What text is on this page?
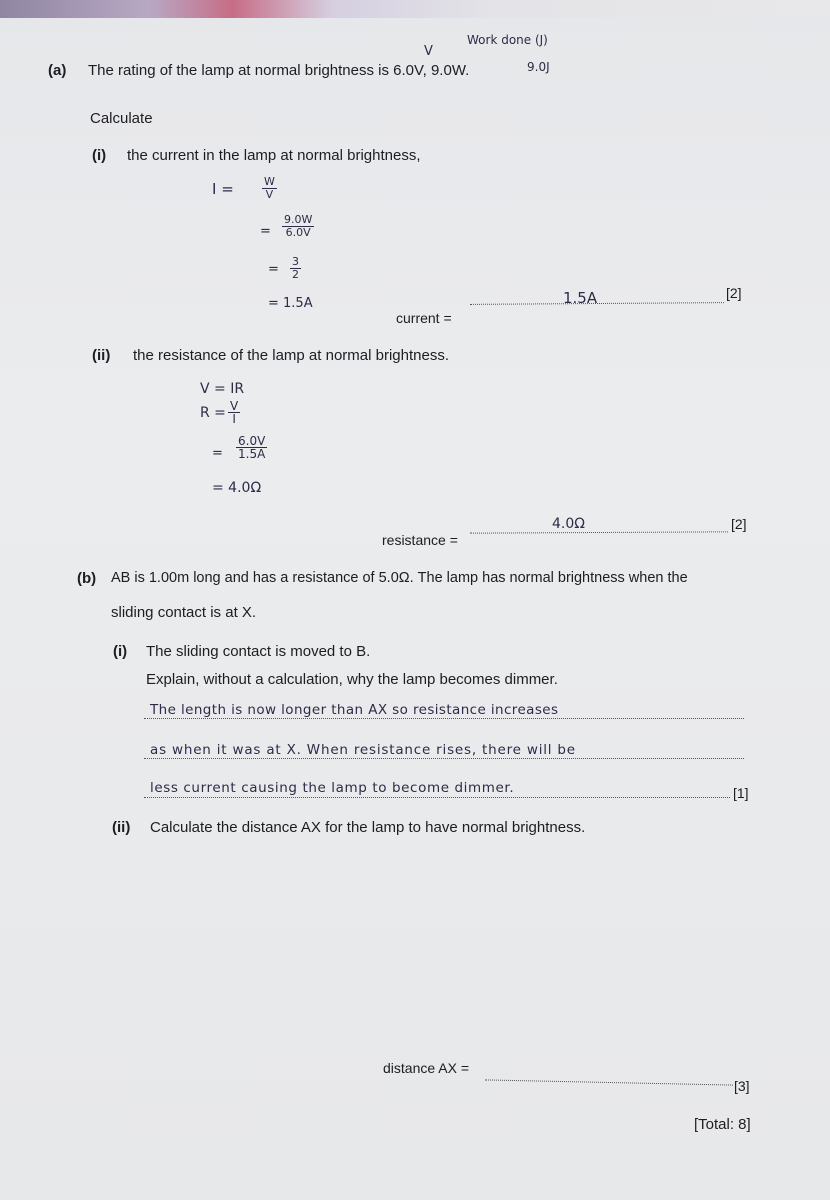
V
Work done (J)
9.0J
(a) The rating of the lamp at normal brightness is 6.0V, 9.0W.
Calculate
(i) the current in the lamp at normal brightness,
I =	W
V
=
9.0W
6.0V
=
3
2
= 1.5A
current =
1.5A	[2]
(ii) the resistance of the lamp at normal brightness.
V = IR
R = V
I
=
6.0V
1.5A
= 4.0Ω
resistance =
4.0Ω	[2]
(b) AB is 1.00m long and has a resistance of 5.0Ω. The lamp has normal brightness when the
sliding contact is at X.
(i) The sliding contact is moved to B.
Explain, without a calculation, why the lamp becomes dimmer.
The length is now longer than AX so resistance increases
as when it was at X. When resistance rises, there will be
less current causing the lamp to become dimmer.	[1]
(ii) Calculate the distance AX for the lamp to have normal brightness.
distance AX =
[3]
[Total: 8]
